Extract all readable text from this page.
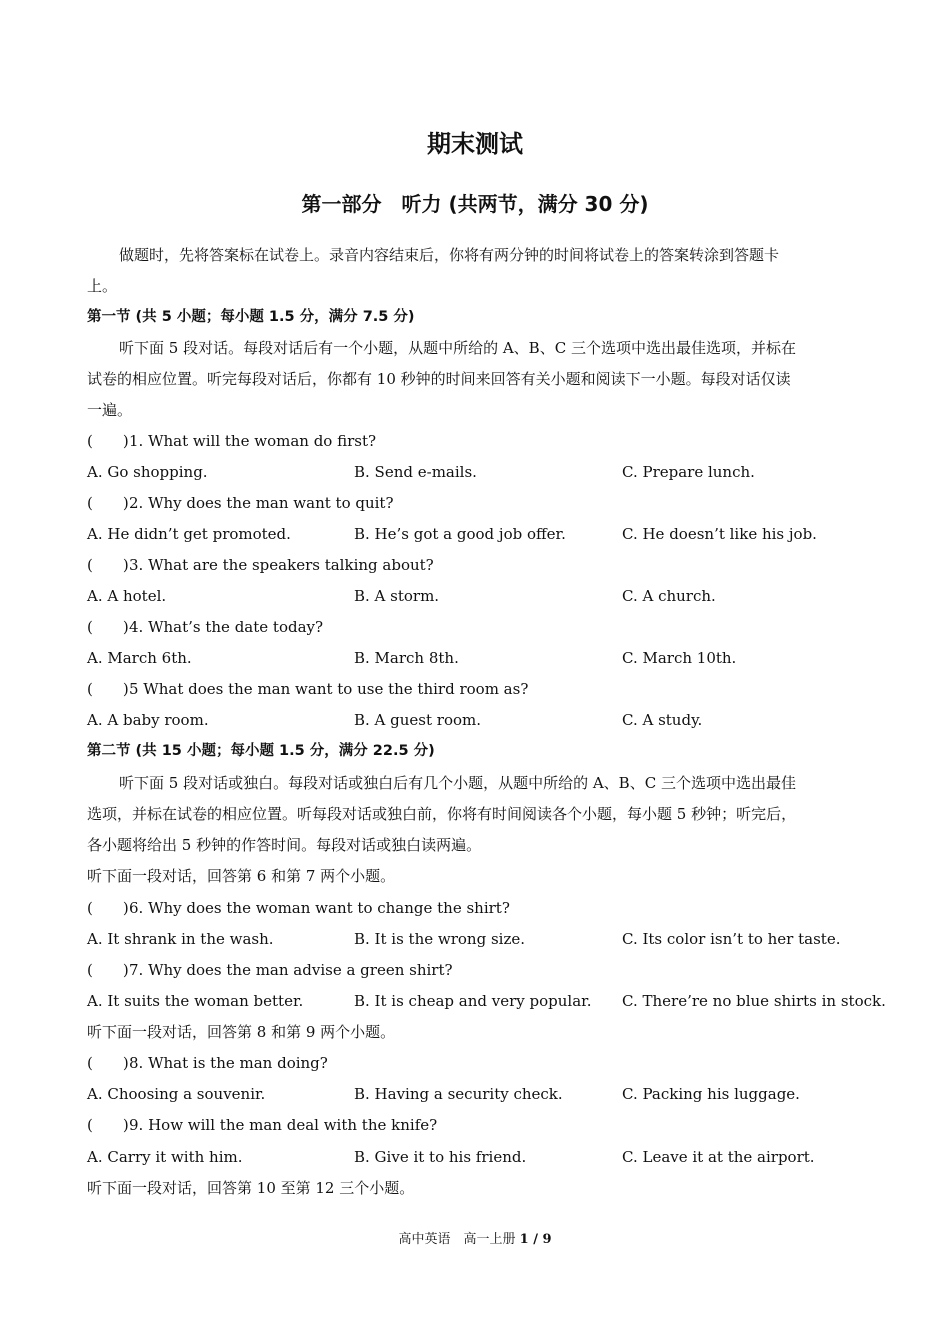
期末测试
第一部分　听力 (共两节，满分 30 分)
做题时，先将答案标在试卷上。录音内容结束后，你将有两分钟的时间将试卷上的答案转涂到答题卡
上。
第一节 (共 5 小题；每小题 1.5 分，满分 7.5 分)
听下面 5 段对话。每段对话后有一个小题，从题中所给的 A、B、C 三个选项中选出最佳选项，并标在
试卷的相应位置。听完每段对话后，你都有 10 秒钟的时间来回答有关小题和阅读下一小题。每段对话仅读
一遍。
(　　)1. What will the woman do first?
A. Go shopping.	B. Send e-mails.	C. Prepare lunch.
(　　)2. Why does the man want to quit?
A. He didn’t get promoted.	B. He’s got a good job offer.	C. He doesn’t like his job.
(　　)3. What are the speakers talking about?
A. A hotel.	B. A storm.	C. A church.
(　　)4. What’s the date today?
A. March 6th.	B. March 8th.	C. March 10th.
(　　)5 What does the man want to use the third room as?
A. A baby room.	B. A guest room.	C. A study.
第二节 (共 15 小题；每小题 1.5 分，满分 22.5 分)
听下面 5 段对话或独白。每段对话或独白后有几个小题，从题中所给的 A、B、C 三个选项中选出最佳
选项，并标在试卷的相应位置。听每段对话或独白前，你将有时间阅读各个小题，每小题 5 秒钟；听完后，
各小题将给出 5 秒钟的作答时间。每段对话或独白读两遍。
听下面一段对话，回答第 6 和第 7 两个小题。
(　　)6. Why does the woman want to change the shirt?
A. It shrank in the wash.	B. It is the wrong size.	C. Its color isn’t to her taste.
(　　)7. Why does the man advise a green shirt?
A. It suits the woman better.	B. It is cheap and very popular. C. There’re no blue shirts in stock.
听下面一段对话，回答第 8 和第 9 两个小题。
(　　)8. What is the man doing?
A. Choosing a souvenir.	B. Having a security check.	C. Packing his luggage.
(　　)9. How will the man deal with the knife?
A. Carry it with him.	B. Give it to his friend.	C. Leave it at the airport.
听下面一段对话，回答第 10 至第 12 三个小题。
高中英语　高一上册 1 / 9
